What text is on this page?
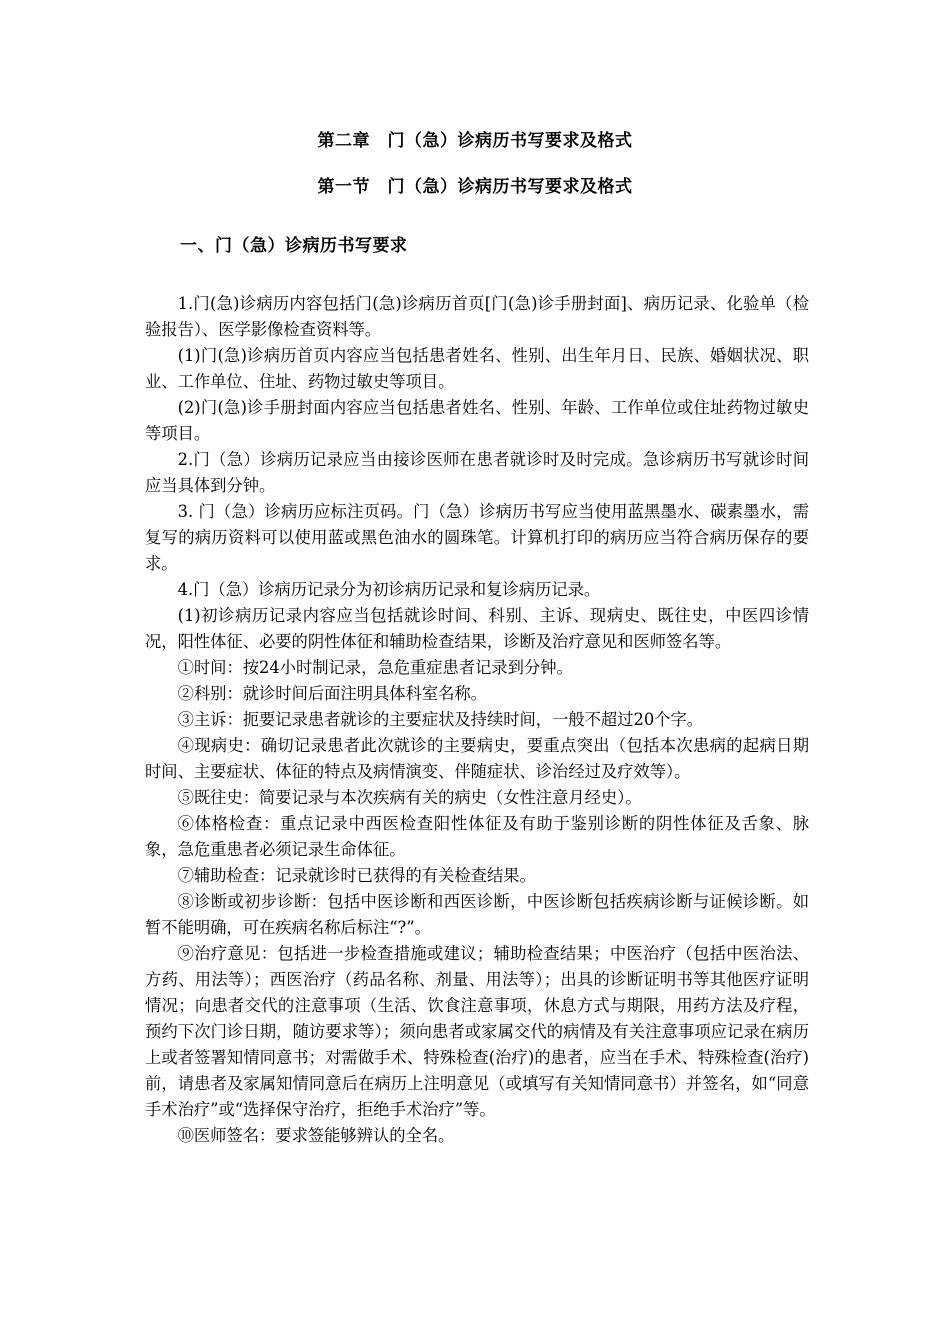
第二章　门（急）诊病历书写要求及格式
第一节　门（急）诊病历书写要求及格式
一、门（急）诊病历书写要求

1.门(急)诊病历内容包括门(急)诊病历首页[门(急)诊手册封面]、病历记录、化验单（检验报告）、医学影像检查资料等。

(1)门(急)诊病历首页内容应当包括患者姓名、性别、出生年月日、民族、婚姻状况、职业、工作单位、住址、药物过敏史等项目。

(2)门(急)诊手册封面内容应当包括患者姓名、性别、年龄、工作单位或住址药物过敏史等项目。

2.门（急）诊病历记录应当由接诊医师在患者就诊时及时完成。急诊病历书写就诊时间应当具体到分钟。

3. 门（急）诊病历应标注页码。门（急）诊病历书写应当使用蓝黑墨水、碳素墨水，需复写的病历资料可以使用蓝或黑色油水的圆珠笔。计算机打印的病历应当符合病历保存的要求。

4.门（急）诊病历记录分为初诊病历记录和复诊病历记录。

(1)初诊病历记录内容应当包括就诊时间、科别、主诉、现病史、既往史，中医四诊情况，阳性体征、必要的阴性体征和辅助检查结果，诊断及治疗意见和医师签名等。

①时间：按24小时制记录，急危重症患者记录到分钟。

②科别：就诊时间后面注明具体科室名称。

③主诉：扼要记录患者就诊的主要症状及持续时间，一般不超过20个字。

④现病史：确切记录患者此次就诊的主要病史，要重点突出（包括本次患病的起病日期时间、主要症状、体征的特点及病情演变、伴随症状、诊治经过及疗效等）。

⑤既往史：简要记录与本次疾病有关的病史（女性注意月经史）。

⑥体格检查：重点记录中西医检查阳性体征及有助于鉴别诊断的阴性体征及舌象、脉象，急危重患者必须记录生命体征。

⑦辅助检查：记录就诊时已获得的有关检查结果。

⑧诊断或初步诊断：包括中医诊断和西医诊断，中医诊断包括疾病诊断与证候诊断。如暂不能明确，可在疾病名称后标注“?”。

⑨治疗意见：包括进一步检查措施或建议；辅助检查结果；中医治疗（包括中医治法、方药、用法等）；西医治疗（药品名称、剂量、用法等）；出具的诊断证明书等其他医疗证明情况；向患者交代的注意事项（生活、饮食注意事项，休息方式与期限，用药方法及疗程，预约下次门诊日期，随访要求等）；须向患者或家属交代的病情及有关注意事项应记录在病历上或者签署知情同意书；对需做手术、特殊检查(治疗)的患者，应当在手术、特殊检查(治疗)前，请患者及家属知情同意后在病历上注明意见（或填写有关知情同意书）并签名，如“同意手术治疗”或“选择保守治疗，拒绝手术治疗”等。

⑩医师签名：要求签能够辨认的全名。
